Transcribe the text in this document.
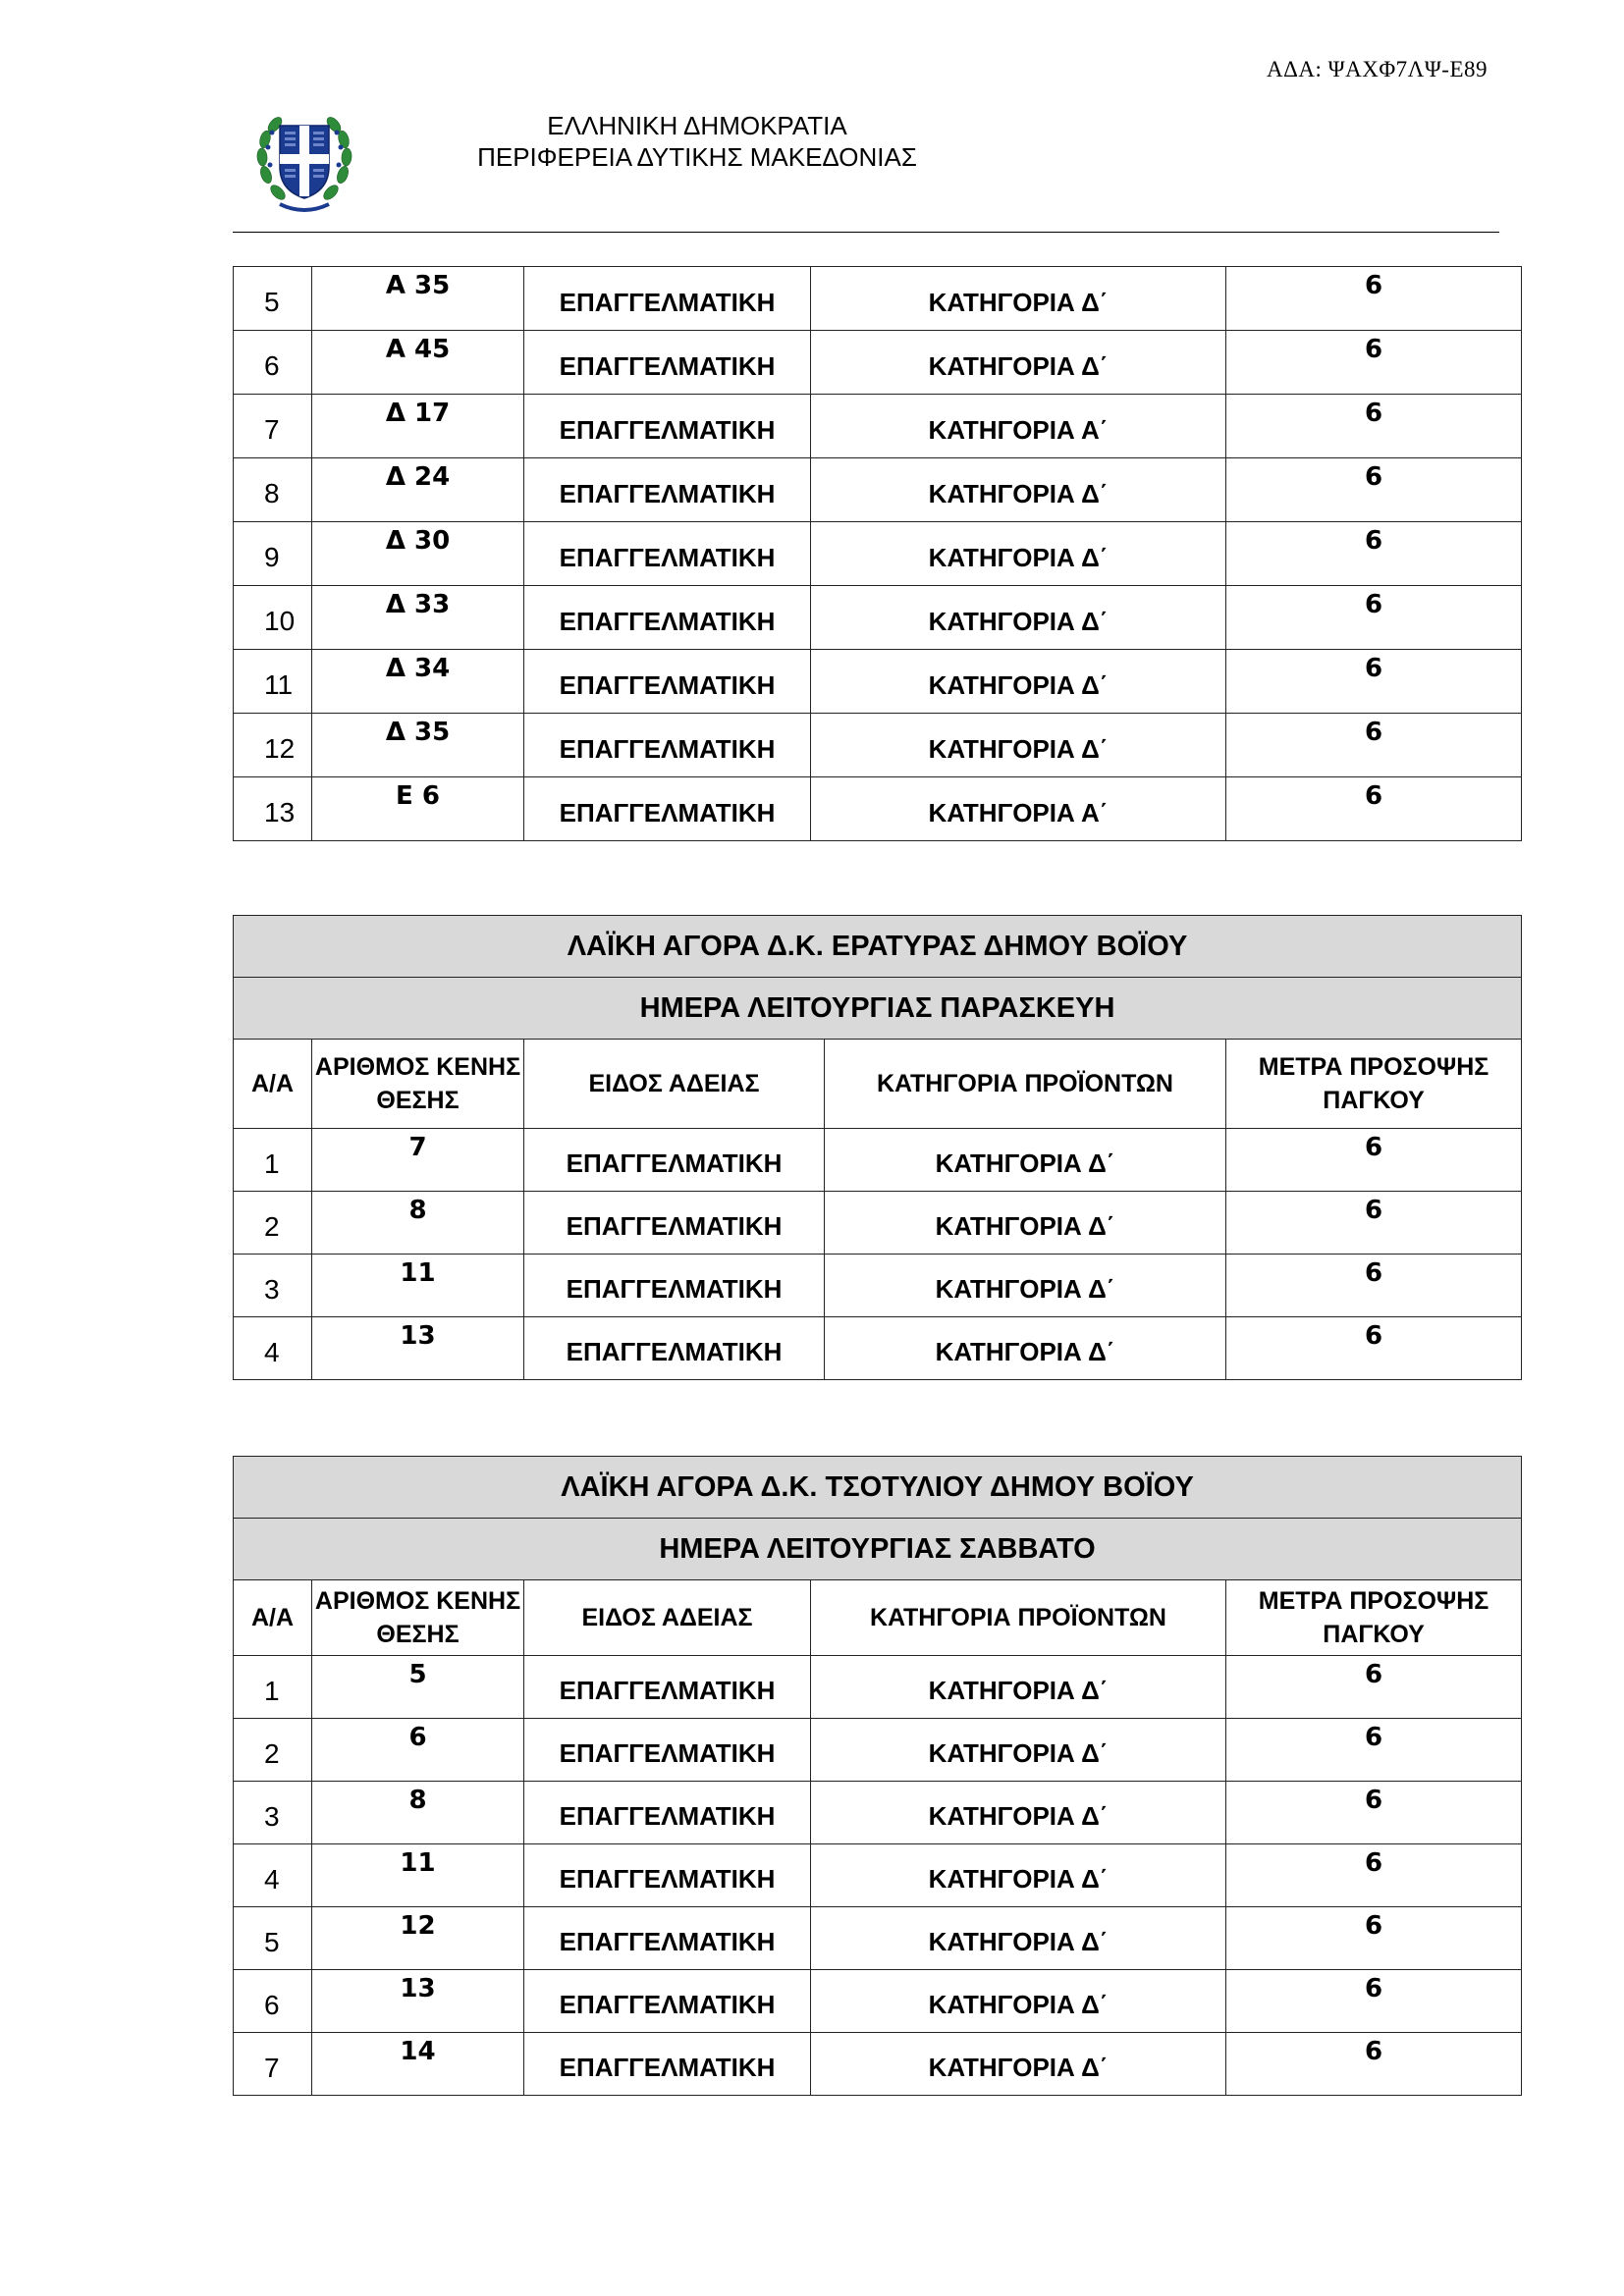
ΑΔΑ: ΨΑΧΦ7ΛΨ-Ε89
ΕΛΛΗΝΙΚΗ ΔΗΜΟΚΡΑΤΙΑ
ΠΕΡΙΦΕΡΕΙΑ ΔΥΤΙΚΗΣ ΜΑΚΕΔΟΝΙΑΣ
5	Α 35	ΕΠΑΓΓΕΛΜΑΤΙΚΗ	ΚΑΤΗΓΟΡΙΑ Δ΄	6
6	Α 45	ΕΠΑΓΓΕΛΜΑΤΙΚΗ	ΚΑΤΗΓΟΡΙΑ Δ΄	6
7	Δ 17	ΕΠΑΓΓΕΛΜΑΤΙΚΗ	ΚΑΤΗΓΟΡΙΑ Α΄	6
8	Δ 24	ΕΠΑΓΓΕΛΜΑΤΙΚΗ	ΚΑΤΗΓΟΡΙΑ Δ΄	6
9	Δ 30	ΕΠΑΓΓΕΛΜΑΤΙΚΗ	ΚΑΤΗΓΟΡΙΑ Δ΄	6
10	Δ 33	ΕΠΑΓΓΕΛΜΑΤΙΚΗ	ΚΑΤΗΓΟΡΙΑ Δ΄	6
11	Δ 34	ΕΠΑΓΓΕΛΜΑΤΙΚΗ	ΚΑΤΗΓΟΡΙΑ Δ΄	6
12	Δ 35	ΕΠΑΓΓΕΛΜΑΤΙΚΗ	ΚΑΤΗΓΟΡΙΑ Δ΄	6
13	Ε 6	ΕΠΑΓΓΕΛΜΑΤΙΚΗ	ΚΑΤΗΓΟΡΙΑ Α΄	6
ΛΑΪΚΗ ΑΓΟΡΑ Δ.Κ. ΕΡΑΤΥΡΑΣ ΔΗΜΟΥ ΒΟΪΟΥ				
ΗΜΕΡΑ ΛΕΙΤΟΥΡΓΙΑΣ ΠΑΡΑΣΚΕΥΗ				
Α/Α	ΑΡΙΘΜΟΣ ΚΕΝΗΣ ΘΕΣΗΣ	ΕΙΔΟΣ ΑΔΕΙΑΣ	ΚΑΤΗΓΟΡΙΑ ΠΡΟΪΟΝΤΩΝ	ΜΕΤΡΑ ΠΡΟΣΟΨΗΣ ΠΑΓΚΟΥ
1	7	ΕΠΑΓΓΕΛΜΑΤΙΚΗ	ΚΑΤΗΓΟΡΙΑ Δ΄	6
2	8	ΕΠΑΓΓΕΛΜΑΤΙΚΗ	ΚΑΤΗΓΟΡΙΑ Δ΄	6
3	11	ΕΠΑΓΓΕΛΜΑΤΙΚΗ	ΚΑΤΗΓΟΡΙΑ Δ΄	6
4	13	ΕΠΑΓΓΕΛΜΑΤΙΚΗ	ΚΑΤΗΓΟΡΙΑ Δ΄	6
ΛΑΪΚΗ ΑΓΟΡΑ Δ.Κ. ΤΣΟΤΥΛΙΟΥ ΔΗΜΟΥ ΒΟΪΟΥ				
ΗΜΕΡΑ ΛΕΙΤΟΥΡΓΙΑΣ ΣΑΒΒΑΤΟ				
Α/Α	ΑΡΙΘΜΟΣ ΚΕΝΗΣ ΘΕΣΗΣ	ΕΙΔΟΣ ΑΔΕΙΑΣ	ΚΑΤΗΓΟΡΙΑ ΠΡΟΪΟΝΤΩΝ	ΜΕΤΡΑ ΠΡΟΣΟΨΗΣ ΠΑΓΚΟΥ
1	5	ΕΠΑΓΓΕΛΜΑΤΙΚΗ	ΚΑΤΗΓΟΡΙΑ Δ΄	6
2	6	ΕΠΑΓΓΕΛΜΑΤΙΚΗ	ΚΑΤΗΓΟΡΙΑ Δ΄	6
3	8	ΕΠΑΓΓΕΛΜΑΤΙΚΗ	ΚΑΤΗΓΟΡΙΑ Δ΄	6
4	11	ΕΠΑΓΓΕΛΜΑΤΙΚΗ	ΚΑΤΗΓΟΡΙΑ Δ΄	6
5	12	ΕΠΑΓΓΕΛΜΑΤΙΚΗ	ΚΑΤΗΓΟΡΙΑ Δ΄	6
6	13	ΕΠΑΓΓΕΛΜΑΤΙΚΗ	ΚΑΤΗΓΟΡΙΑ Δ΄	6
7	14	ΕΠΑΓΓΕΛΜΑΤΙΚΗ	ΚΑΤΗΓΟΡΙΑ Δ΄	6
